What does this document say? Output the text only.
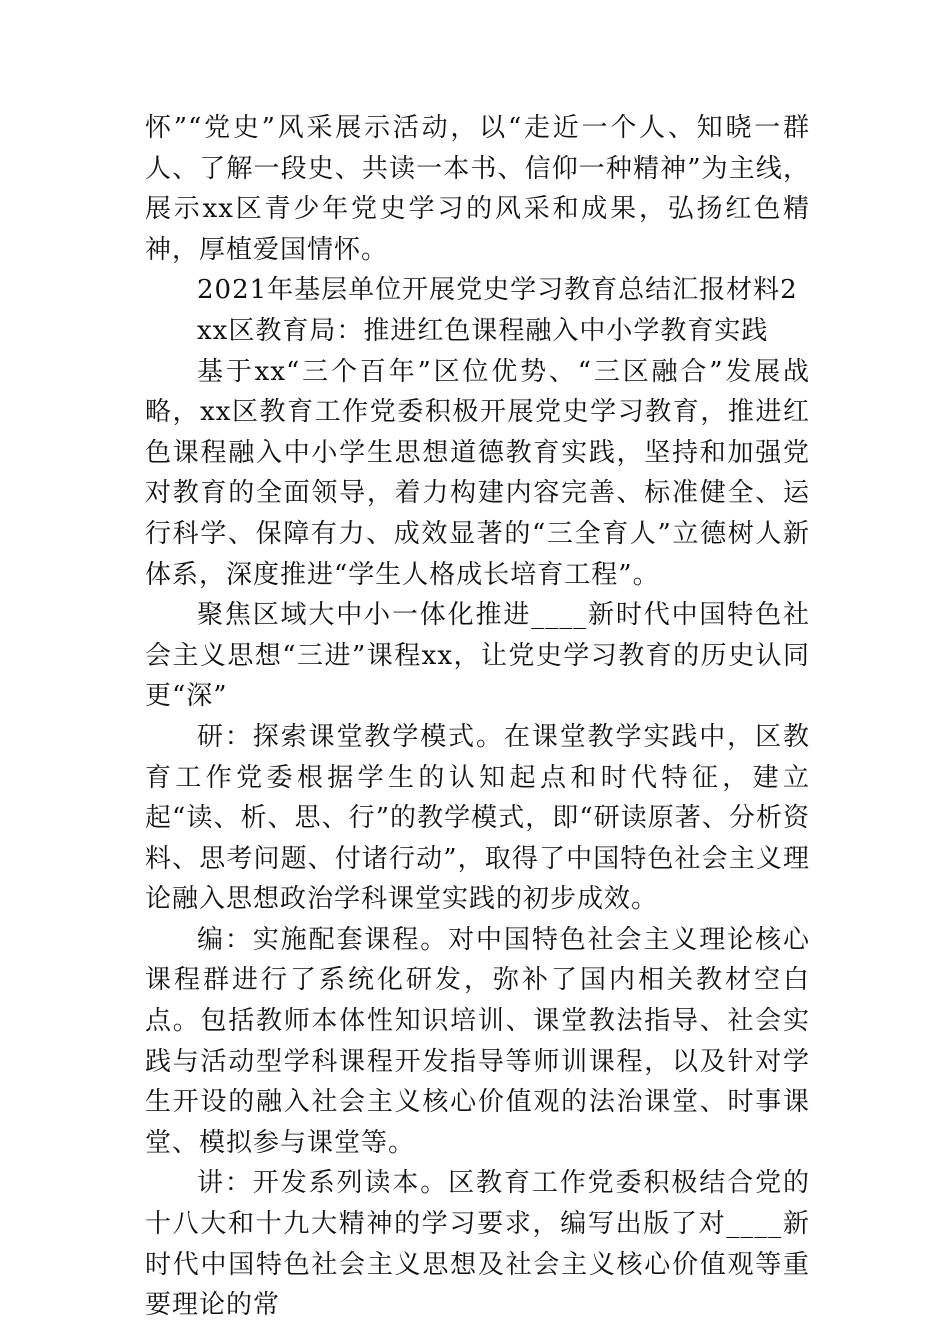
怀”“党史”风采展示活动，以“走近一个人、知晓一群人、了解一段史、共读一本书、信仰一种精神”为主线，展示xx区青少年党史学习的风采和成果，弘扬红色精神，厚植爱国情怀。

2021年基层单位开展党史学习教育总结汇报材料2

xx区教育局：推进红色课程融入中小学教育实践

基于xx“三个百年”区位优势、“三区融合”发展战略，xx区教育工作党委积极开展党史学习教育，推进红色课程融入中小学生思想道德教育实践，坚持和加强党对教育的全面领导，着力构建内容完善、标准健全、运行科学、保障有力、成效显著的“三全育人”立德树人新体系，深度推进“学生人格成长培育工程”。

聚焦区域大中小一体化推进____新时代中国特色社会主义思想“三进”课程xx，让党史学习教育的历史认同更“深”

研：探索课堂教学模式。在课堂教学实践中，区教育工作党委根据学生的认知起点和时代特征，建立起“读、析、思、行”的教学模式，即“研读原著、分析资料、思考问题、付诸行动”，取得了中国特色社会主义理论融入思想政治学科课堂实践的初步成效。

编：实施配套课程。对中国特色社会主义理论核心课程群进行了系统化研发，弥补了国内相关教材空白点。包括教师本体性知识培训、课堂教法指导、社会实践与活动型学科课程开发指导等师训课程，以及针对学生开设的融入社会主义核心价值观的法治课堂、时事课堂、模拟参与课堂等。

讲：开发系列读本。区教育工作党委积极结合党的十八大和十九大精神的学习要求，编写出版了对____新时代中国特色社会主义思想及社会主义核心价值观等重要理论的常
